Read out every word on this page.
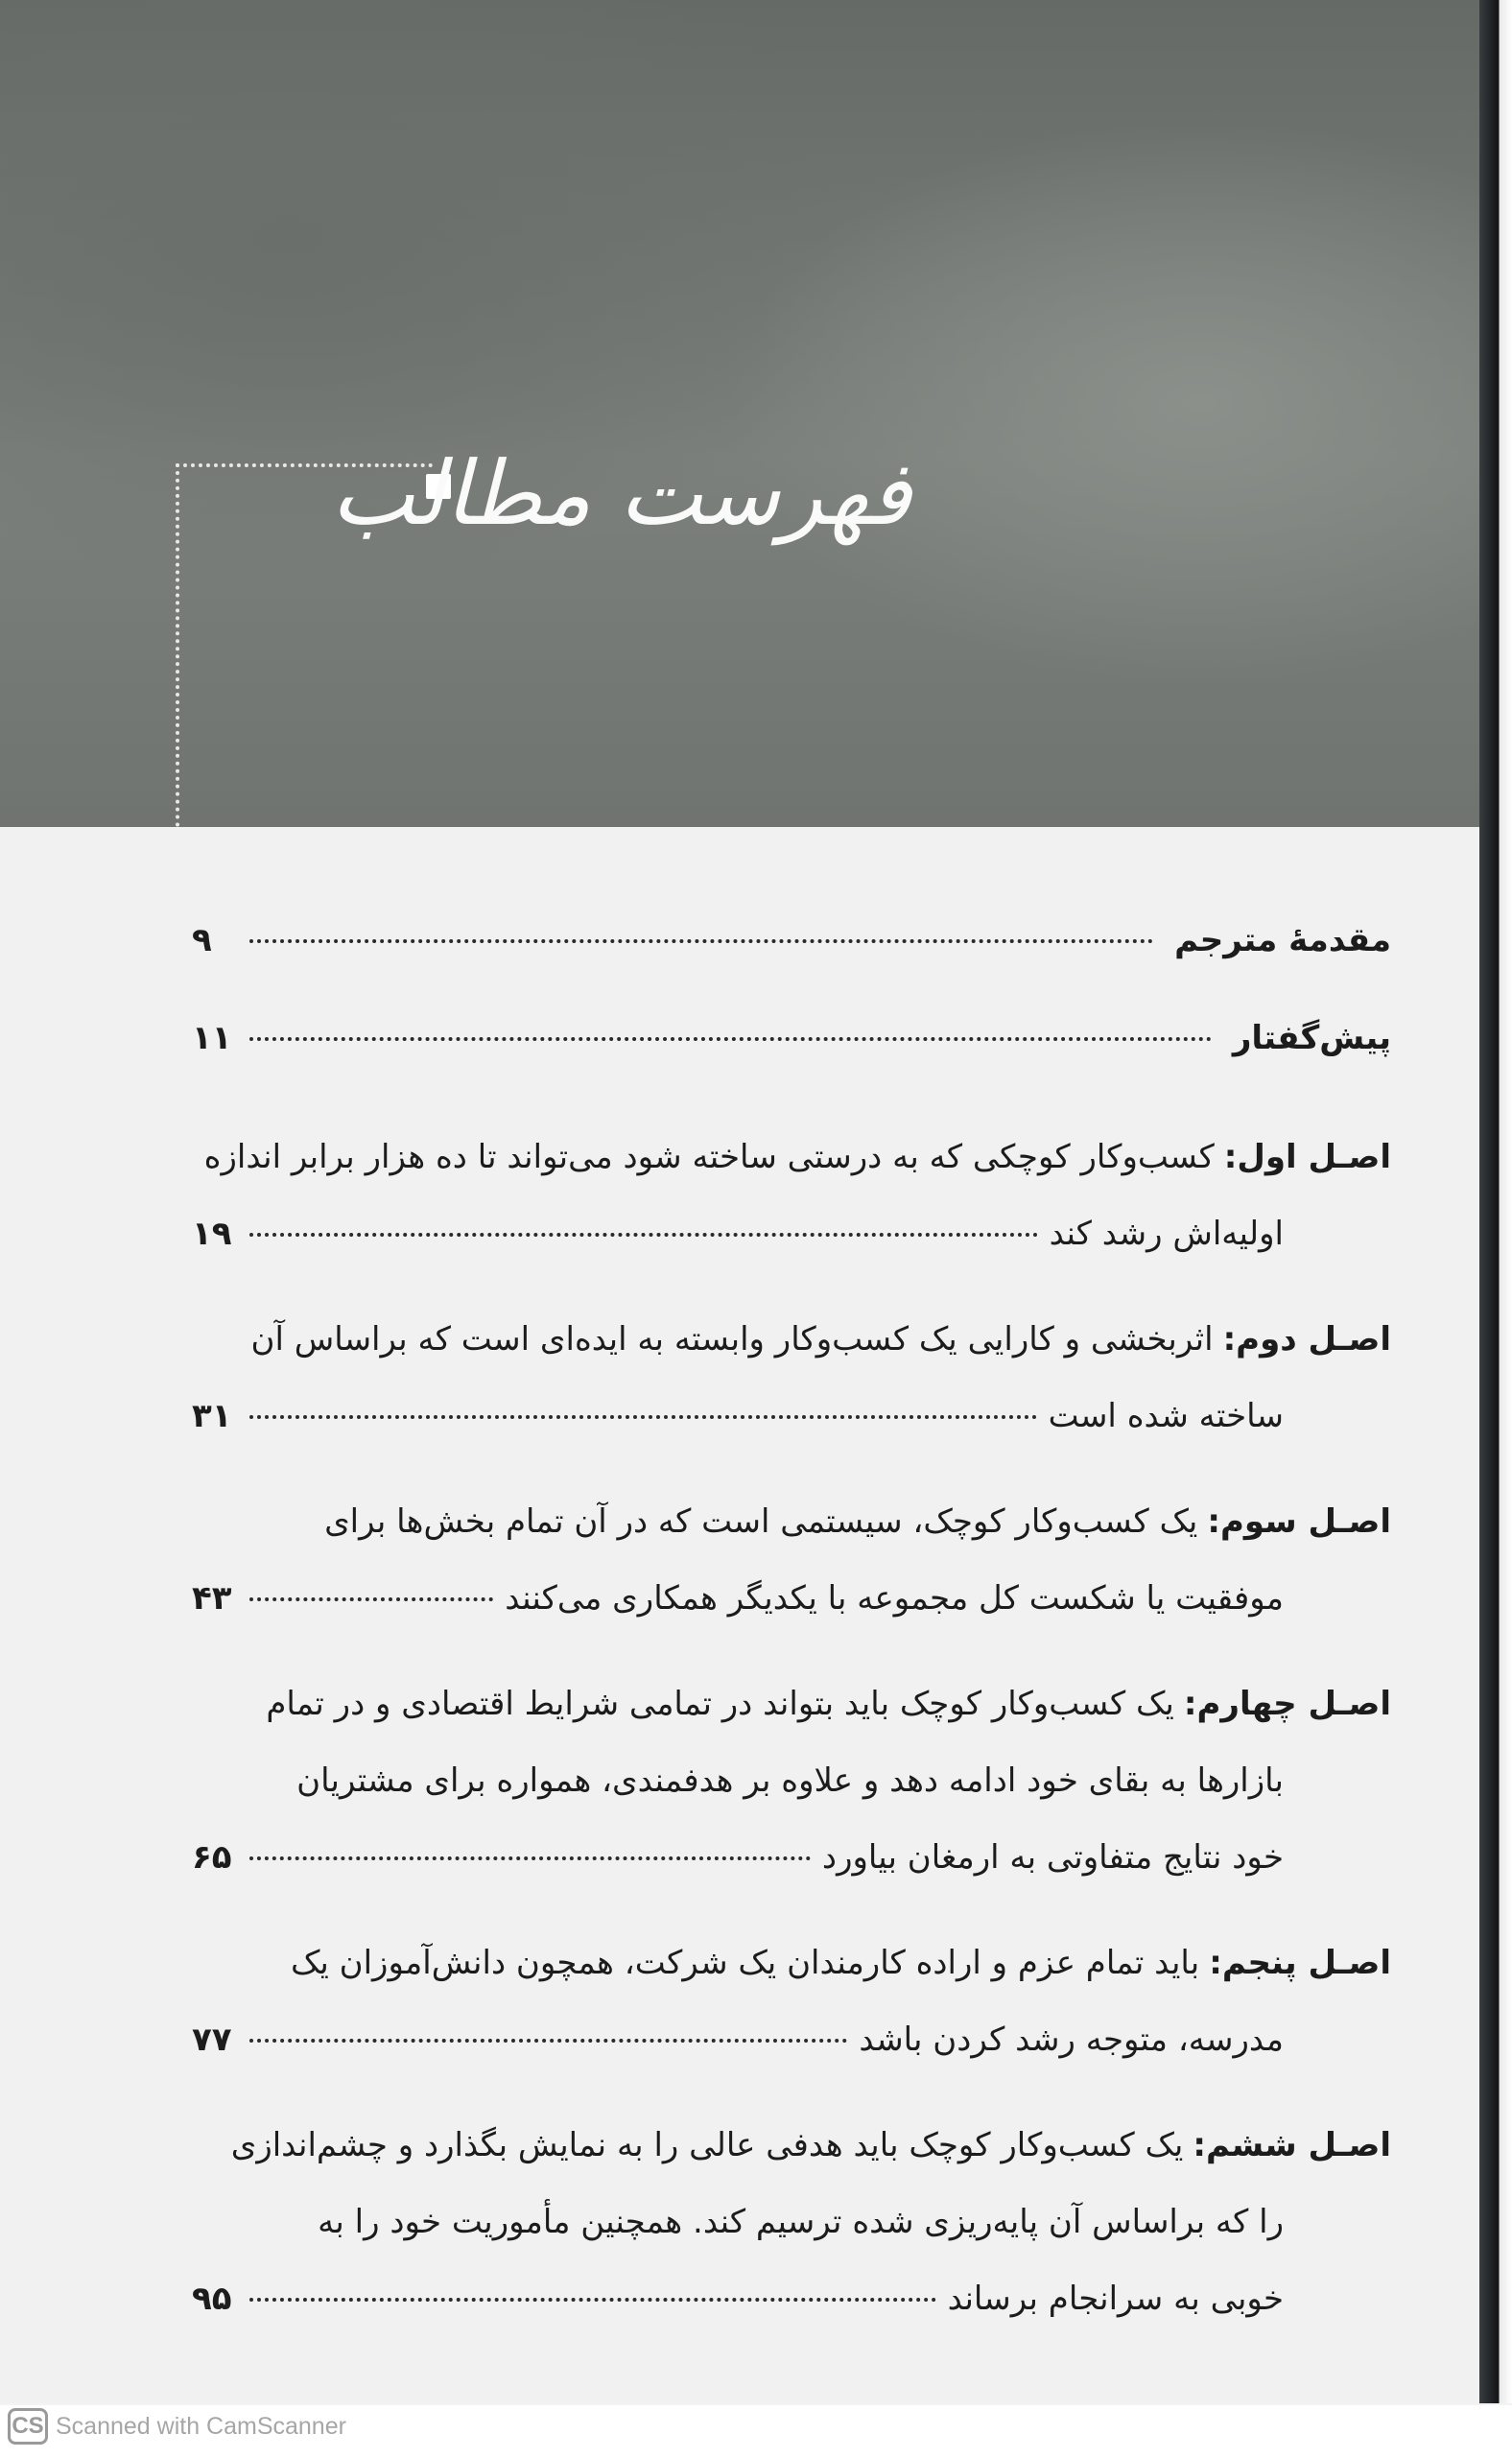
فهرست مطالب
مقدمهٔ مترجم
۹
پیش‌گفتار
۱۱
اصـل اول:
کسب‌وکار کوچکی که به درستی ساخته شود می‌تواند تا ده هزار برابر اندازه
اولیه‌اش رشد کند
۱۹
اصـل دوم:
اثربخشی و کارایی یک کسب‌وکار وابسته به ایده‌ای است که براساس آن
ساخته شده است
۳۱
اصـل سوم:
یک کسب‌وکار کوچک، سیستمی است که در آن تمام بخش‌ها برای
موفقیت یا شکست کل مجموعه با یکدیگر همکاری می‌کنند
۴۳
اصـل چهارم:
یک کسب‌وکار کوچک باید بتواند در تمامی شرایط اقتصادی و در تمام
بازارها به بقای خود ادامه دهد و علاوه بر هدفمندی، همواره برای مشتریان
خود نتایج متفاوتی به ارمغان بیاورد
۶۵
اصـل پنجم:
باید تمام عزم و اراده کارمندان یک شرکت، همچون دانش‌آموزان یک
مدرسه، متوجه رشد کردن باشد
۷۷
اصـل ششم:
یک کسب‌وکار کوچک باید هدفی عالی را به نمایش بگذارد و چشم‌اندازی
را که براساس آن پایه‌ریزی شده ترسیم کند. همچنین مأموریت خود را به
خوبی به سرانجام برساند
۹۵
CS Scanned with CamScanner
